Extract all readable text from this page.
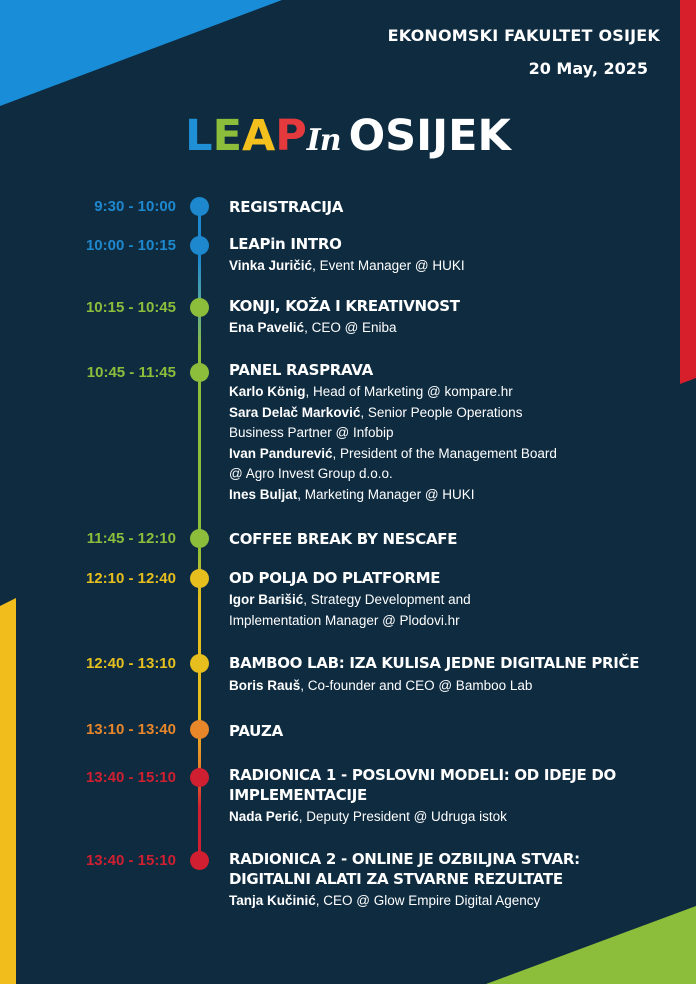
EKONOMSKI FAKULTET OSIJEK
20 May, 2025
LEAPIn OSIJEK
9:30 - 10:00	REGISTRACIJA
10:00 - 10:15	LEAPin INTRO
Vinka Juričić, Event Manager @ HUKI
10:15 - 10:45	KONJI, KOŽA I KREATIVNOST
Ena Pavelić, CEO @ Eniba
10:45 - 11:45	PANEL RASPRAVA
Karlo König, Head of Marketing @ kompare.hr
Sara Delač Marković, Senior People Operations Business Partner @ Infobip
Ivan Pandurević, President of the Management Board @ Agro Invest Group d.o.o.
Ines Buljat, Marketing Manager @ HUKI
11:45 - 12:10	COFFEE BREAK BY NESCAFE
12:10 - 12:40	OD POLJA DO PLATFORME
Igor Barišić, Strategy Development and Implementation Manager @ Plodovi.hr
12:40 - 13:10	BAMBOO LAB: IZA KULISA JEDNE DIGITALNE PRIČE
Boris Rauš, Co-founder and CEO @ Bamboo Lab
13:10 - 13:40	PAUZA
13:40 - 15:10	RADIONICA 1 - POSLOVNI MODELI: OD IDEJE DO IMPLEMENTACIJE
Nada Perić, Deputy President @ Udruga istok
13:40 - 15:10	RADIONICA 2 - ONLINE JE OZBILJNA STVAR: DIGITALNI ALATI ZA STVARNE REZULTATE
Tanja Kučinić, CEO @ Glow Empire Digital Agency
